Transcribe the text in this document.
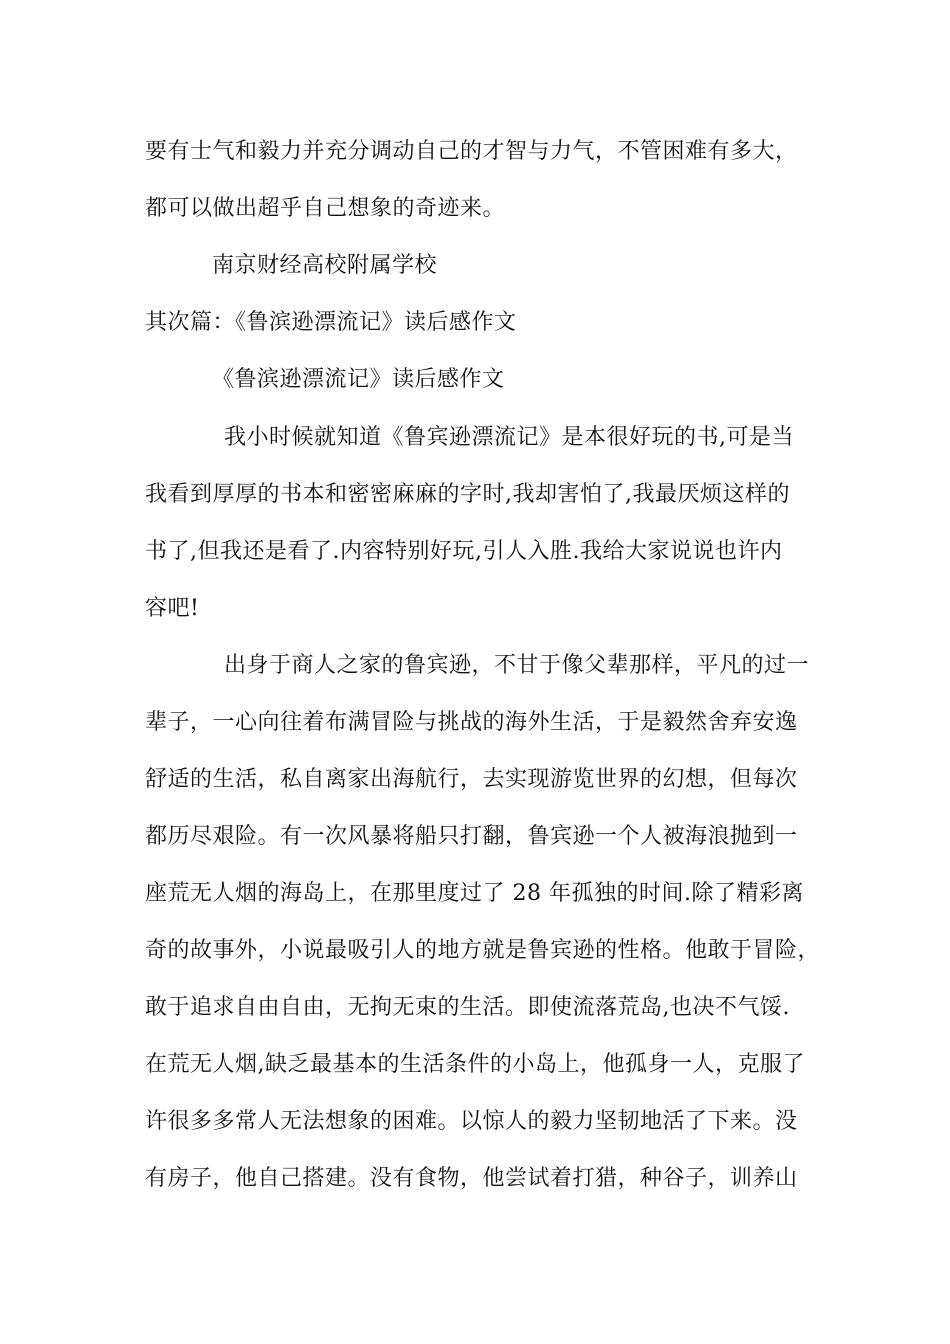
要有士气和毅力并充分调动自己的才智与力气，不管困难有多大，
都可以做出超乎自己想象的奇迹来。
南京财经高校附属学校
其次篇：《鲁滨逊漂流记》读后感作文
《鲁滨逊漂流记》读后感作文
我小时候就知道《鲁宾逊漂流记》是本很好玩的书,可是当
我看到厚厚的书本和密密麻麻的字时,我却害怕了,我最厌烦这样的
书了,但我还是看了.内容特别好玩,引人入胜.我给大家说说也许内
容吧!
出身于商人之家的鲁宾逊，不甘于像父辈那样，平凡的过一
辈子，一心向往着布满冒险与挑战的海外生活，于是毅然舍弃安逸
舒适的生活，私自离家出海航行，去实现游览世界的幻想，但每次
都历尽艰险。有一次风暴将船只打翻，鲁宾逊一个人被海浪抛到一
座荒无人烟的海岛上，在那里度过了 28 年孤独的时间.除了精彩离
奇的故事外，小说最吸引人的地方就是鲁宾逊的性格。他敢于冒险，
敢于追求自由自由，无拘无束的生活。即使流落荒岛,也决不气馁.
在荒无人烟,缺乏最基本的生活条件的小岛上，他孤身一人，克服了
许很多多常人无法想象的困难。以惊人的毅力坚韧地活了下来。没
有房子，他自己搭建。没有食物，他尝试着打猎，种谷子，训养山
